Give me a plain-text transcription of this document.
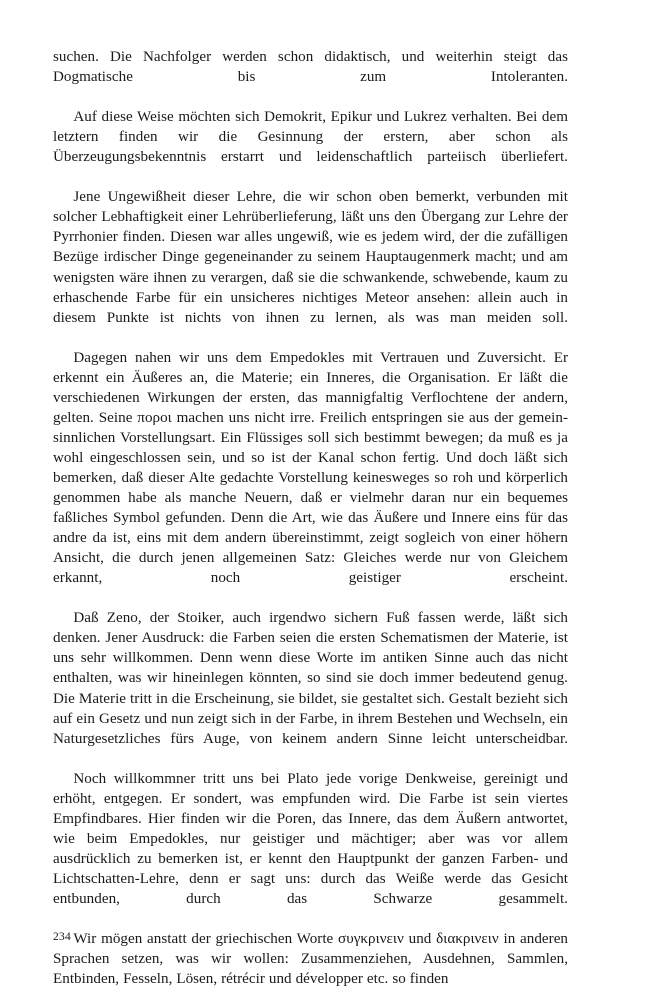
suchen. Die Nachfolger werden schon didaktisch, und weiterhin steigt das Dogmatische bis zum Intoleranten.

Auf diese Weise möchten sich Demokrit, Epikur und Lukrez verhalten. Bei dem letztern finden wir die Gesinnung der erstern, aber schon als Überzeugungsbekenntnis erstarrt und leidenschaftlich parteiisch überliefert.

Jene Ungewißheit dieser Lehre, die wir schon oben bemerkt, verbunden mit solcher Lebhaftigkeit einer Lehrüberlieferung, läßt uns den Übergang zur Lehre der Pyrrhonier finden. Diesen war alles ungewiß, wie es jedem wird, der die zufälligen Bezüge irdischer Dinge gegeneinander zu seinem Hauptaugenmerk macht; und am wenigsten wäre ihnen zu verargen, daß sie die schwankende, schwebende, kaum zu erhaschende Farbe für ein unsicheres nichtiges Meteor ansehen: allein auch in diesem Punkte ist nichts von ihnen zu lernen, als was man meiden soll.

Dagegen nahen wir uns dem Empedokles mit Vertrauen und Zuversicht. Er erkennt ein Äußeres an, die Materie; ein Inneres, die Organisation. Er läßt die verschiedenen Wirkungen der ersten, das mannigfaltig Verflochtene der andern, gelten. Seine πoρoι machen uns nicht irre. Freilich entspringen sie aus der gemein-sinnlichen Vorstellungsart. Ein Flüssiges soll sich bestimmt bewegen; da muß es ja wohl eingeschlossen sein, und so ist der Kanal schon fertig. Und doch läßt sich bemerken, daß dieser Alte gedachte Vorstellung keinesweges so roh und körperlich genommen habe als manche Neuern, daß er vielmehr daran nur ein bequemes faßliches Symbol gefunden. Denn die Art, wie das Äußere und Innere eins für das andre da ist, eins mit dem andern übereinstimmt, zeigt sogleich von einer höhern Ansicht, die durch jenen allgemeinen Satz: Gleiches werde nur von Gleichem erkannt, noch geistiger erscheint.

Daß Zeno, der Stoiker, auch irgendwo sichern Fuß fassen werde, läßt sich denken. Jener Ausdruck: die Farben seien die ersten Schematismen der Materie, ist uns sehr willkommen. Denn wenn diese Worte im antiken Sinne auch das nicht enthalten, was wir hineinlegen könnten, so sind sie doch immer bedeutend genug. Die Materie tritt in die Erscheinung, sie bildet, sie gestaltet sich. Gestalt bezieht sich auf ein Gesetz und nun zeigt sich in der Farbe, in ihrem Bestehen und Wechseln, ein Naturgesetzliches fürs Auge, von keinem andern Sinne leicht unterscheidbar.

Noch willkommner tritt uns bei Plato jede vorige Denkweise, gereinigt und erhöht, entgegen. Er sondert, was empfunden wird. Die Farbe ist sein viertes Empfindbares. Hier finden wir die Poren, das Innere, das dem Äußern antwortet, wie beim Empedokles, nur geistiger und mächtiger; aber was vor allem ausdrücklich zu bemerken ist, er kennt den Hauptpunkt der ganzen Farben- und Lichtschatten-Lehre, denn er sagt uns: durch das Weiße werde das Gesicht entbunden, durch das Schwarze gesammelt.

Wir mögen anstatt der griechischen Worte συγκρινειν und διακρινειν in anderen Sprachen setzen, was wir wollen: Zusammenziehen, Ausdehnen, Sammlen, Entbinden, Fesseln, Lösen, rétrécir und développer etc. so finden

234
